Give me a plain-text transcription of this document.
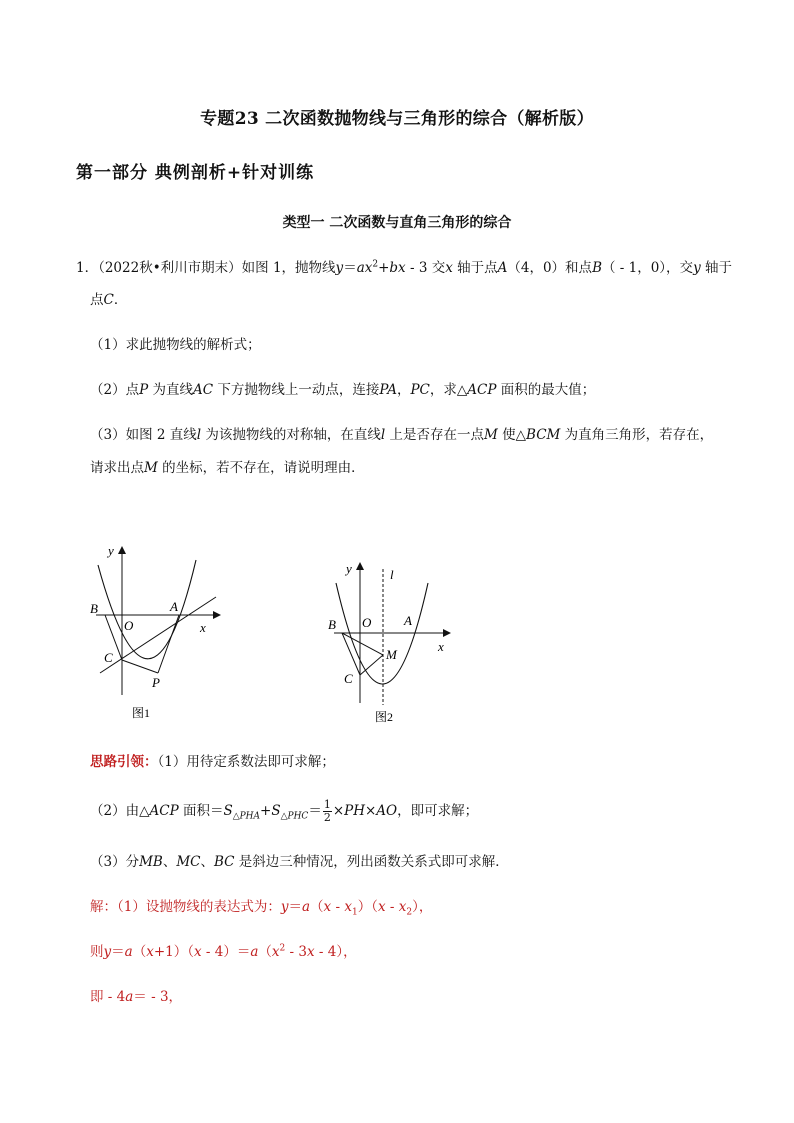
专题23 二次函数抛物线与三角形的综合（解析版）
第一部分 典例剖析+针对训练
类型一 二次函数与直角三角形的综合
1．（2022秋•利川市期末）如图 1，抛物线$y=ax^2+bx - 3$ 交x 轴于点A（4，0）和点B（ - 1，0），交y 轴于
点C．
（1）求此抛物线的解析式；
（2）点P 为直线AC 下方抛物线上一动点，连接PA，PC，求△ACP 面积的最大值；
（3）如图 2 直线l 为该抛物线的对称轴，在直线l 上是否存在一点M 使△BCM 为直角三角形，若存在，
请求出点M 的坐标，若不存在，请说明理由．
y
x
B
O
A
C
P
图1
y	l
x
B O	A
M
C
图2
思路引领：（1）用待定系数法即可求解；
（2）由△ACP 面积$=S_{\triangle PHA}+S_{\triangle PHC}= \frac{1}{2} \times PH\times AO$，即可求解；
（3）分MB、MC、BC 是斜边三种情况，列出函数关系式即可求解．
解：（1）设抛物线的表达式为：$y=a(x - x_1)(x - x_2)$，
则$y=a(x+1)(x - 4)=a(x^2 - 3x - 4)$，
即 - 4a＝ - 3，
